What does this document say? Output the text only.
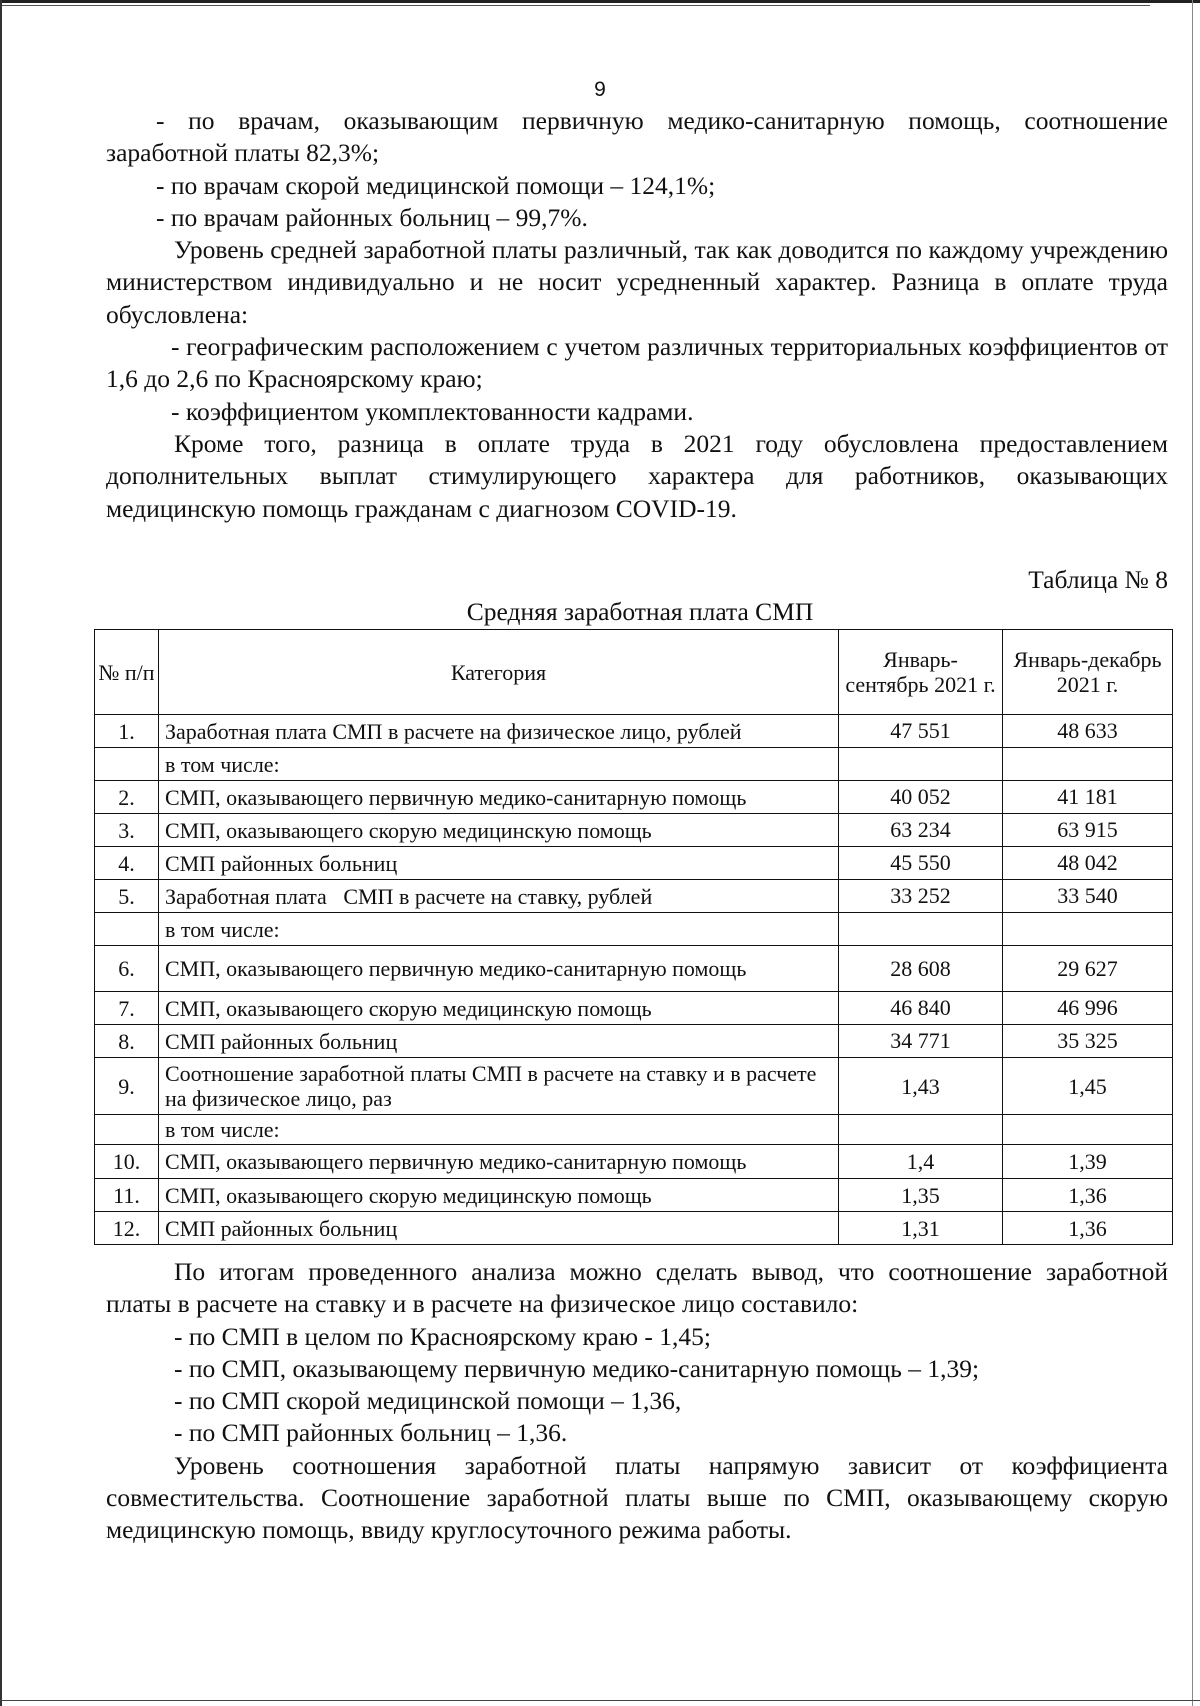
9

- по врачам, оказывающим первичную медико-санитарную помощь, соотношение заработной платы 82,3%;

- по врачам скорой медицинской помощи – 124,1%;

- по врачам районных больниц – 99,7%.

Уровень средней заработной платы различный, так как доводится по каждому учреждению министерством индивидуально и не носит усредненный характер. Разница в оплате труда обусловлена:

- географическим расположением с учетом различных территориальных коэффициентов от 1,6 до 2,6 по Красноярскому краю;

- коэффициентом укомплектованности кадрами.

Кроме того, разница в оплате труда в 2021 году обусловлена предоставлением дополнительных выплат стимулирующего характера для работников, оказывающих медицинскую помощь гражданам с диагнозом COVID-19.

Таблица № 8
Средняя заработная плата СМП
№ п/п	Категория	Январь-сентябрь 2021 г.	Январь-декабрь 2021 г.
1.	Заработная плата СМП в расчете на физическое лицо, рублей	47 551	48 633
	в том числе:		
2.	СМП, оказывающего первичную медико-санитарную помощь	40 052	41 181
3.	СМП, оказывающего скорую медицинскую помощь	63 234	63 915
4.	СМП районных больниц	45 550	48 042
5.	Заработная плата   СМП в расчете на ставку, рублей	33 252	33 540
	в том числе:		
6.	СМП, оказывающего первичную медико-санитарную помощь	28 608	29 627
7.	СМП, оказывающего скорую медицинскую помощь	46 840	46 996
8.	СМП районных больниц	34 771	35 325
9.	Соотношение заработной платы СМП в расчете на ставку и в расчете на физическое лицо, раз	1,43	1,45
	в том числе:		
10.	СМП, оказывающего первичную медико-санитарную помощь	1,4	1,39
11.	СМП, оказывающего скорую медицинскую помощь	1,35	1,36
12.	СМП районных больниц	1,31	1,36

По итогам проведенного анализа можно сделать вывод, что соотношение заработной платы в расчете на ставку и в расчете на физическое лицо составило:

- по СМП в целом по Красноярскому краю - 1,45;

- по СМП, оказывающему первичную медико-санитарную помощь – 1,39;

- по СМП скорой медицинской помощи – 1,36,

- по СМП районных больниц – 1,36.

Уровень соотношения заработной платы напрямую зависит от коэффициента совместительства. Соотношение заработной платы выше по СМП, оказывающему скорую медицинскую помощь, ввиду круглосуточного режима работы.
